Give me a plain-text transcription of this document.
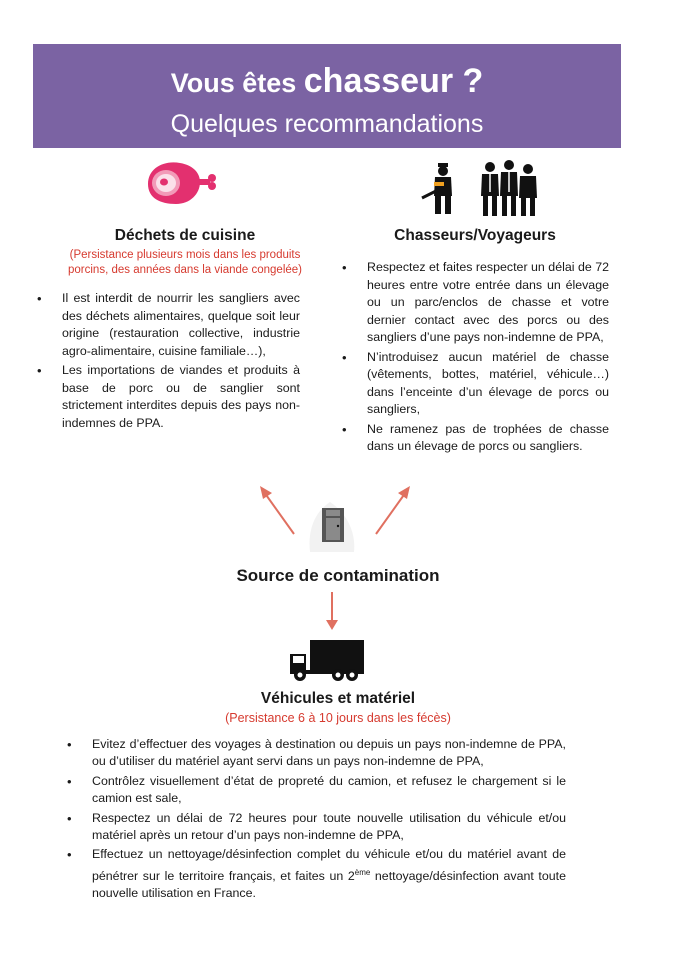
Vous êtes chasseur ?
Quelques recommandations
Déchets de cuisine
(Persistance plusieurs mois dans les produits
porcins, des années dans la viande congelée)
• Il est interdit de nourrir les sangliers avec des déchets alimentaires, quelque soit leur origine (restauration collective, industrie agro-alimentaire, cuisine familiale…),
• Les importations de viandes et produits à base de porc ou de sanglier sont strictement interdites depuis des pays non-indemnes de PPA.
Chasseurs/Voyageurs
• Respectez et faites respecter un délai de 72 heures entre votre entrée dans un élevage ou un parc/enclos de chasse et votre dernier contact avec des porcs ou des sangliers d’une pays non-indemne de PPA,
• N’introduisez aucun matériel de chasse (vêtements, bottes, matériel, véhicule…) dans l’enceinte d’un élevage de porcs ou sangliers,
• Ne ramenez pas de trophées de chasse dans un élevage de porcs ou sangliers.
Source de contamination
Véhicules et matériel
(Persistance 6 à 10 jours dans les fécès)
• Evitez d’effectuer des voyages à destination ou depuis un pays non-indemne de PPA, ou d’utiliser du matériel ayant servi dans un pays non-indemne de PPA,
• Contrôlez visuellement d’état de propreté du camion, et refusez le chargement si le camion est sale,
• Respectez un délai de 72 heures pour toute nouvelle utilisation du véhicule et/ou matériel après un retour d’un pays non-indemne de PPA,
• Effectuez un nettoyage/désinfection complet du véhicule et/ou du matériel avant de pénétrer sur le territoire français, et faites un 2ème nettoyage/désinfection avant toute nouvelle utilisation en France.
